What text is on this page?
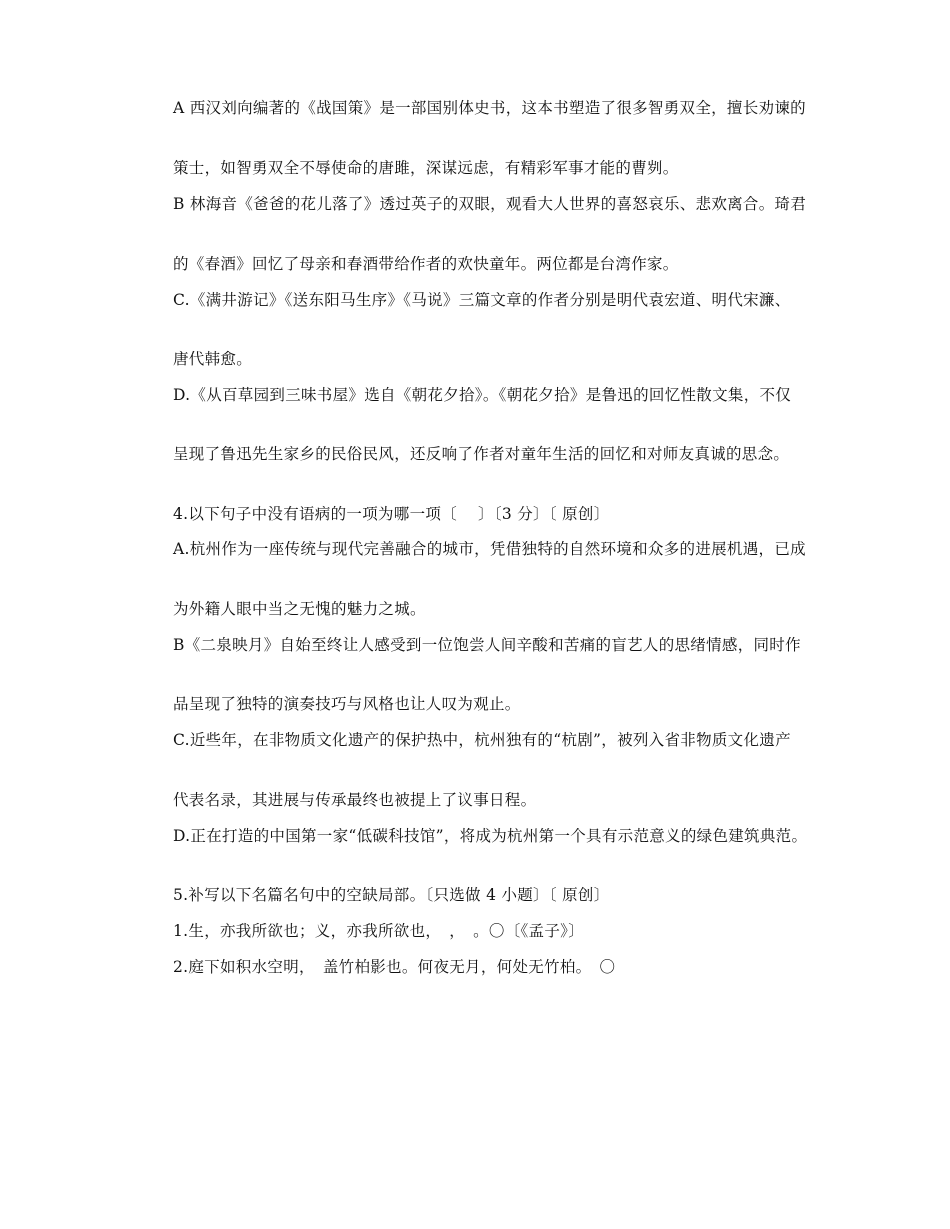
A 西汉刘向编著的《战国策》是一部国别体史书，这本书塑造了很多智勇双全，擅长劝谏的
策士，如智勇双全不辱使命的唐雎，深谋远虑，有精彩军事才能的曹刿。
B 林海音《爸爸的花儿落了》透过英子的双眼，观看大人世界的喜怒哀乐、悲欢离合。琦君
的《春酒》回忆了母亲和春酒带给作者的欢快童年。两位都是台湾作家。
C.《满井游记》《送东阳马生序》《马说》三篇文章的作者分别是明代袁宏道、明代宋濂、
唐代韩愈。
D.《从百草园到三味书屋》选自《朝花夕拾》。《朝花夕拾》是鲁迅的回忆性散文集，不仅
呈现了鲁迅先生家乡的民俗民风，还反响了作者对童年生活的回忆和对师友真诚的思念。
4.以下句子中没有语病的一项为哪一项〔　 〕〔3 分〕〔 原创〕
A.杭州作为一座传统与现代完善融合的城市，凭借独特的自然环境和众多的进展机遇，已成
为外籍人眼中当之无愧的魅力之城。
B《二泉映月》自始至终让人感受到一位饱尝人间辛酸和苦痛的盲艺人的思绪情感，同时作
品呈现了独特的演奏技巧与风格也让人叹为观止。
C.近些年，在非物质文化遗产的保护热中，杭州独有的“杭剧”，被列入省非物质文化遗产
代表名录，其进展与传承最终也被提上了议事日程。
D.正在打造的中国第一家“低碳科技馆”，将成为杭州第一个具有示范意义的绿色建筑典范。
5.补写以下名篇名句中的空缺局部。〔只选做 4 小题〕〔 原创〕
1.生，亦我所欲也；义，亦我所欲也，　，　。〇〔《孟子》〕
2.庭下如积水空明，　盖竹柏影也。何夜无月，何处无竹柏。　〇
